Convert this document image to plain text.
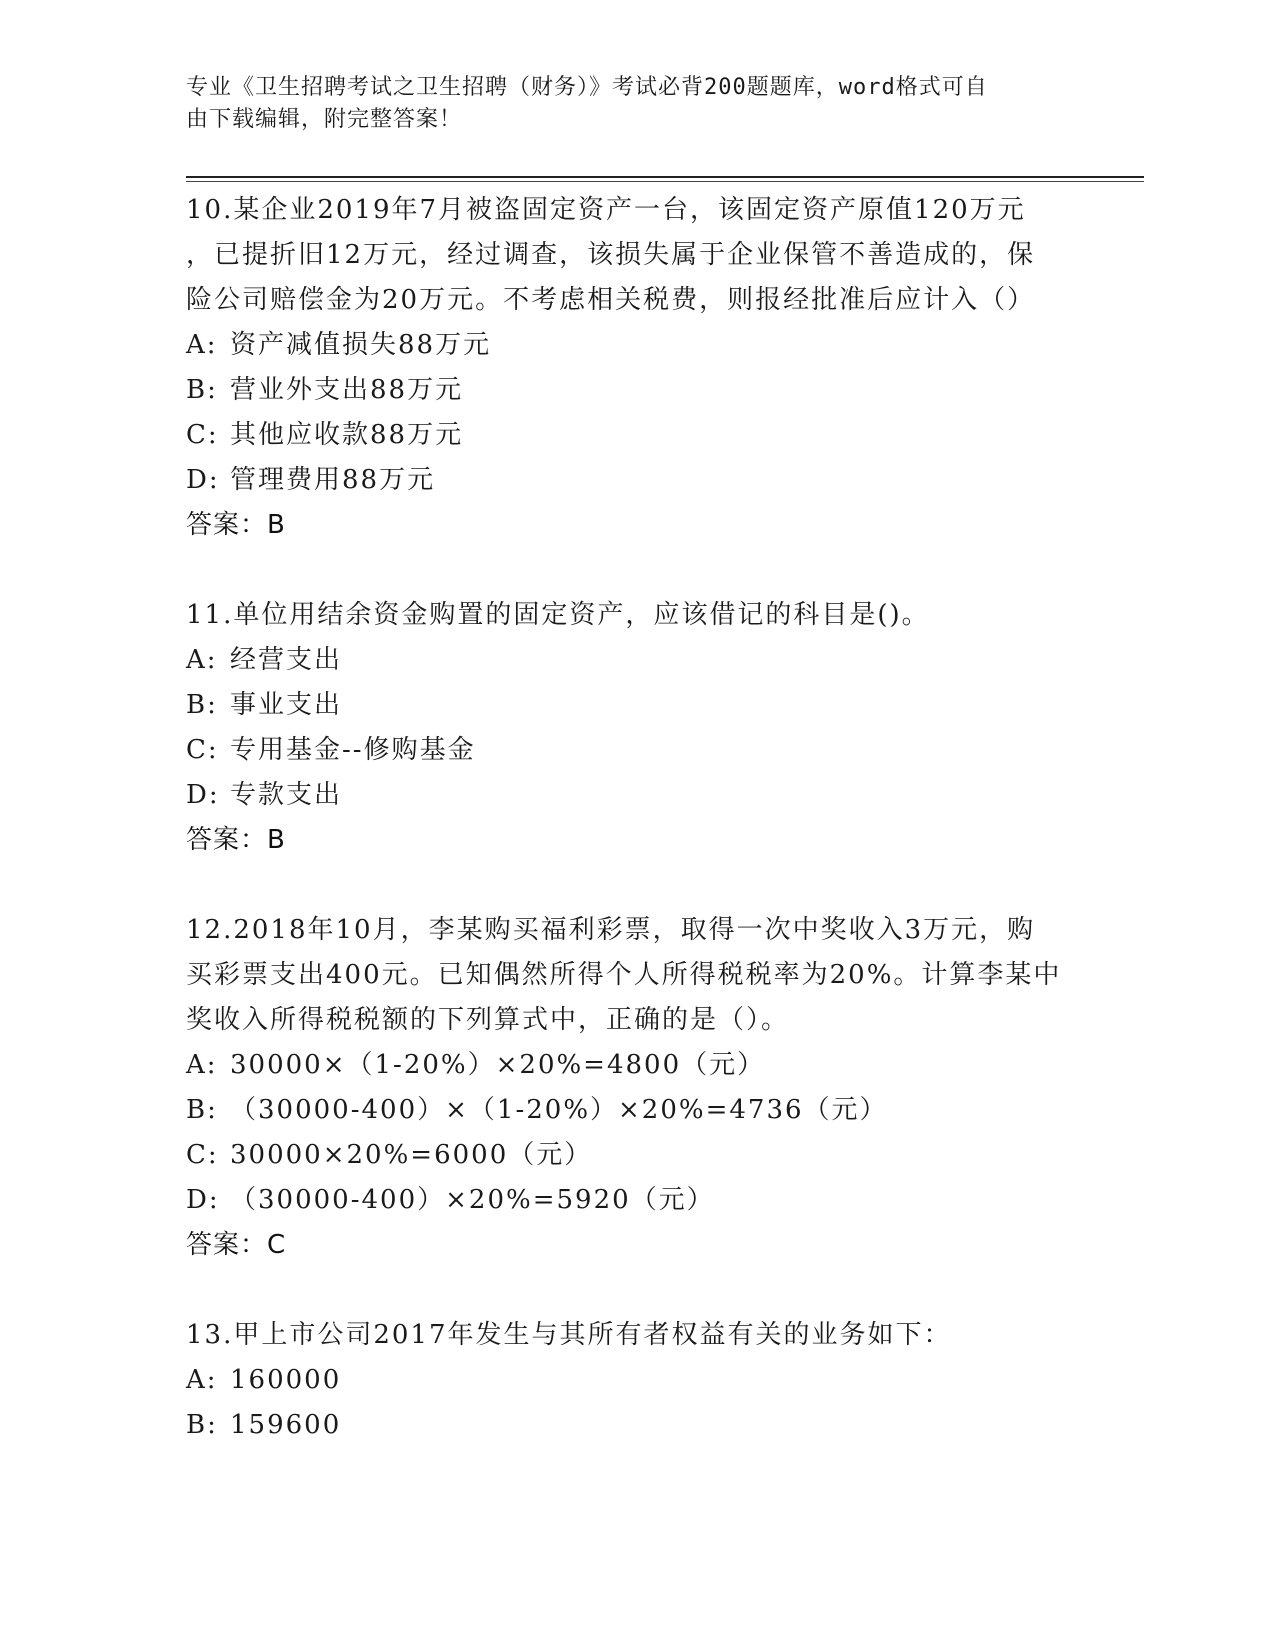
专业《卫生招聘考试之卫生招聘（财务）》考试必背200题题库，word格式可自
由下载编辑，附完整答案！

10.某企业2019年7月被盗固定资产一台，该固定资产原值120万元

，已提折旧12万元，经过调查，该损失属于企业保管不善造成的，保

险公司赔偿金为20万元。不考虑相关税费，则报经批准后应计入（）

A: 资产减值损失88万元
B: 营业外支出88万元
C: 其他应收款88万元
D: 管理费用88万元

答案：B

11.单位用结余资金购置的固定资产，应该借记的科目是()。

A: 经营支出
B: 事业支出
C: 专用基金--修购基金
D: 专款支出

答案：B

12.2018年10月，李某购买福利彩票，取得一次中奖收入3万元，购

买彩票支出400元。已知偶然所得个人所得税税率为20%。计算李某中

奖收入所得税税额的下列算式中，正确的是（）。

A: 30000×（1-20%）×20%=4800（元）
B: （30000-400）×（1-20%）×20%=4736（元）
C: 30000×20%=6000（元）
D: （30000-400）×20%=5920（元）

答案：C

13.甲上市公司2017年发生与其所有者权益有关的业务如下：

A: 160000
B: 159600
